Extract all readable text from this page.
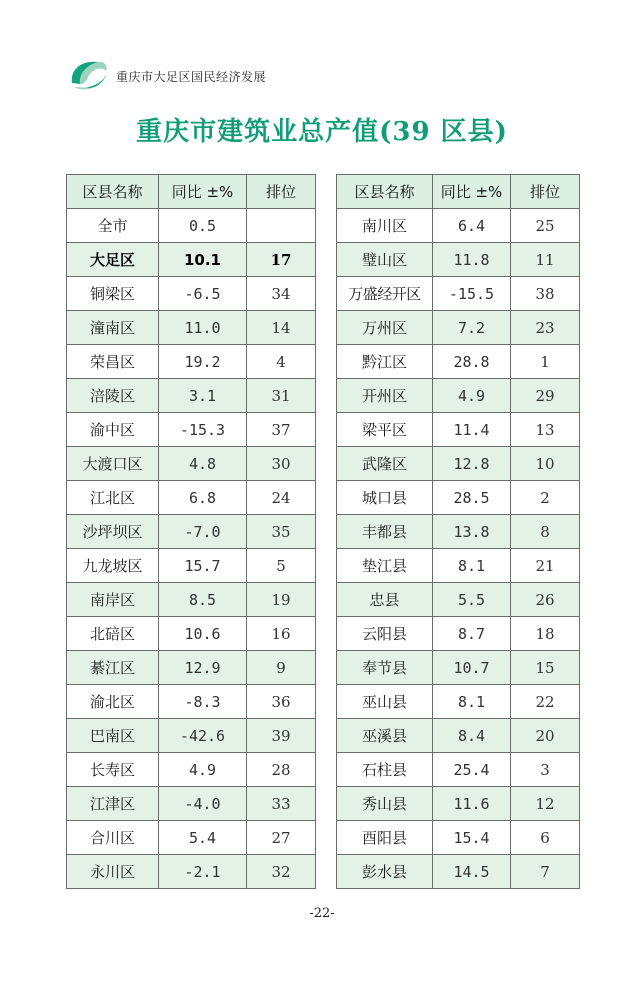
重庆市大足区国民经济发展
重庆市建筑业总产值(39 区县)
区县名称	同比 ±%	排位
全市	0.5	
大足区	10.1	17
铜梁区	-6.5	34
潼南区	11.0	14
荣昌区	19.2	4
涪陵区	3.1	31
渝中区	-15.3	37
大渡口区	4.8	30
江北区	6.8	24
沙坪坝区	-7.0	35
九龙坡区	15.7	5
南岸区	8.5	19
北碚区	10.6	16
綦江区	12.9	9
渝北区	-8.3	36
巴南区	-42.6	39
长寿区	4.9	28
江津区	-4.0	33
合川区	5.4	27
永川区	-2.1	32
区县名称	同比 ±%	排位
南川区	6.4	25
璧山区	11.8	11
万盛经开区	-15.5	38
万州区	7.2	23
黔江区	28.8	1
开州区	4.9	29
梁平区	11.4	13
武隆区	12.8	10
城口县	28.5	2
丰都县	13.8	8
垫江县	8.1	21
忠县	5.5	26
云阳县	8.7	18
奉节县	10.7	15
巫山县	8.1	22
巫溪县	8.4	20
石柱县	25.4	3
秀山县	11.6	12
酉阳县	15.4	6
彭水县	14.5	7
-22-
